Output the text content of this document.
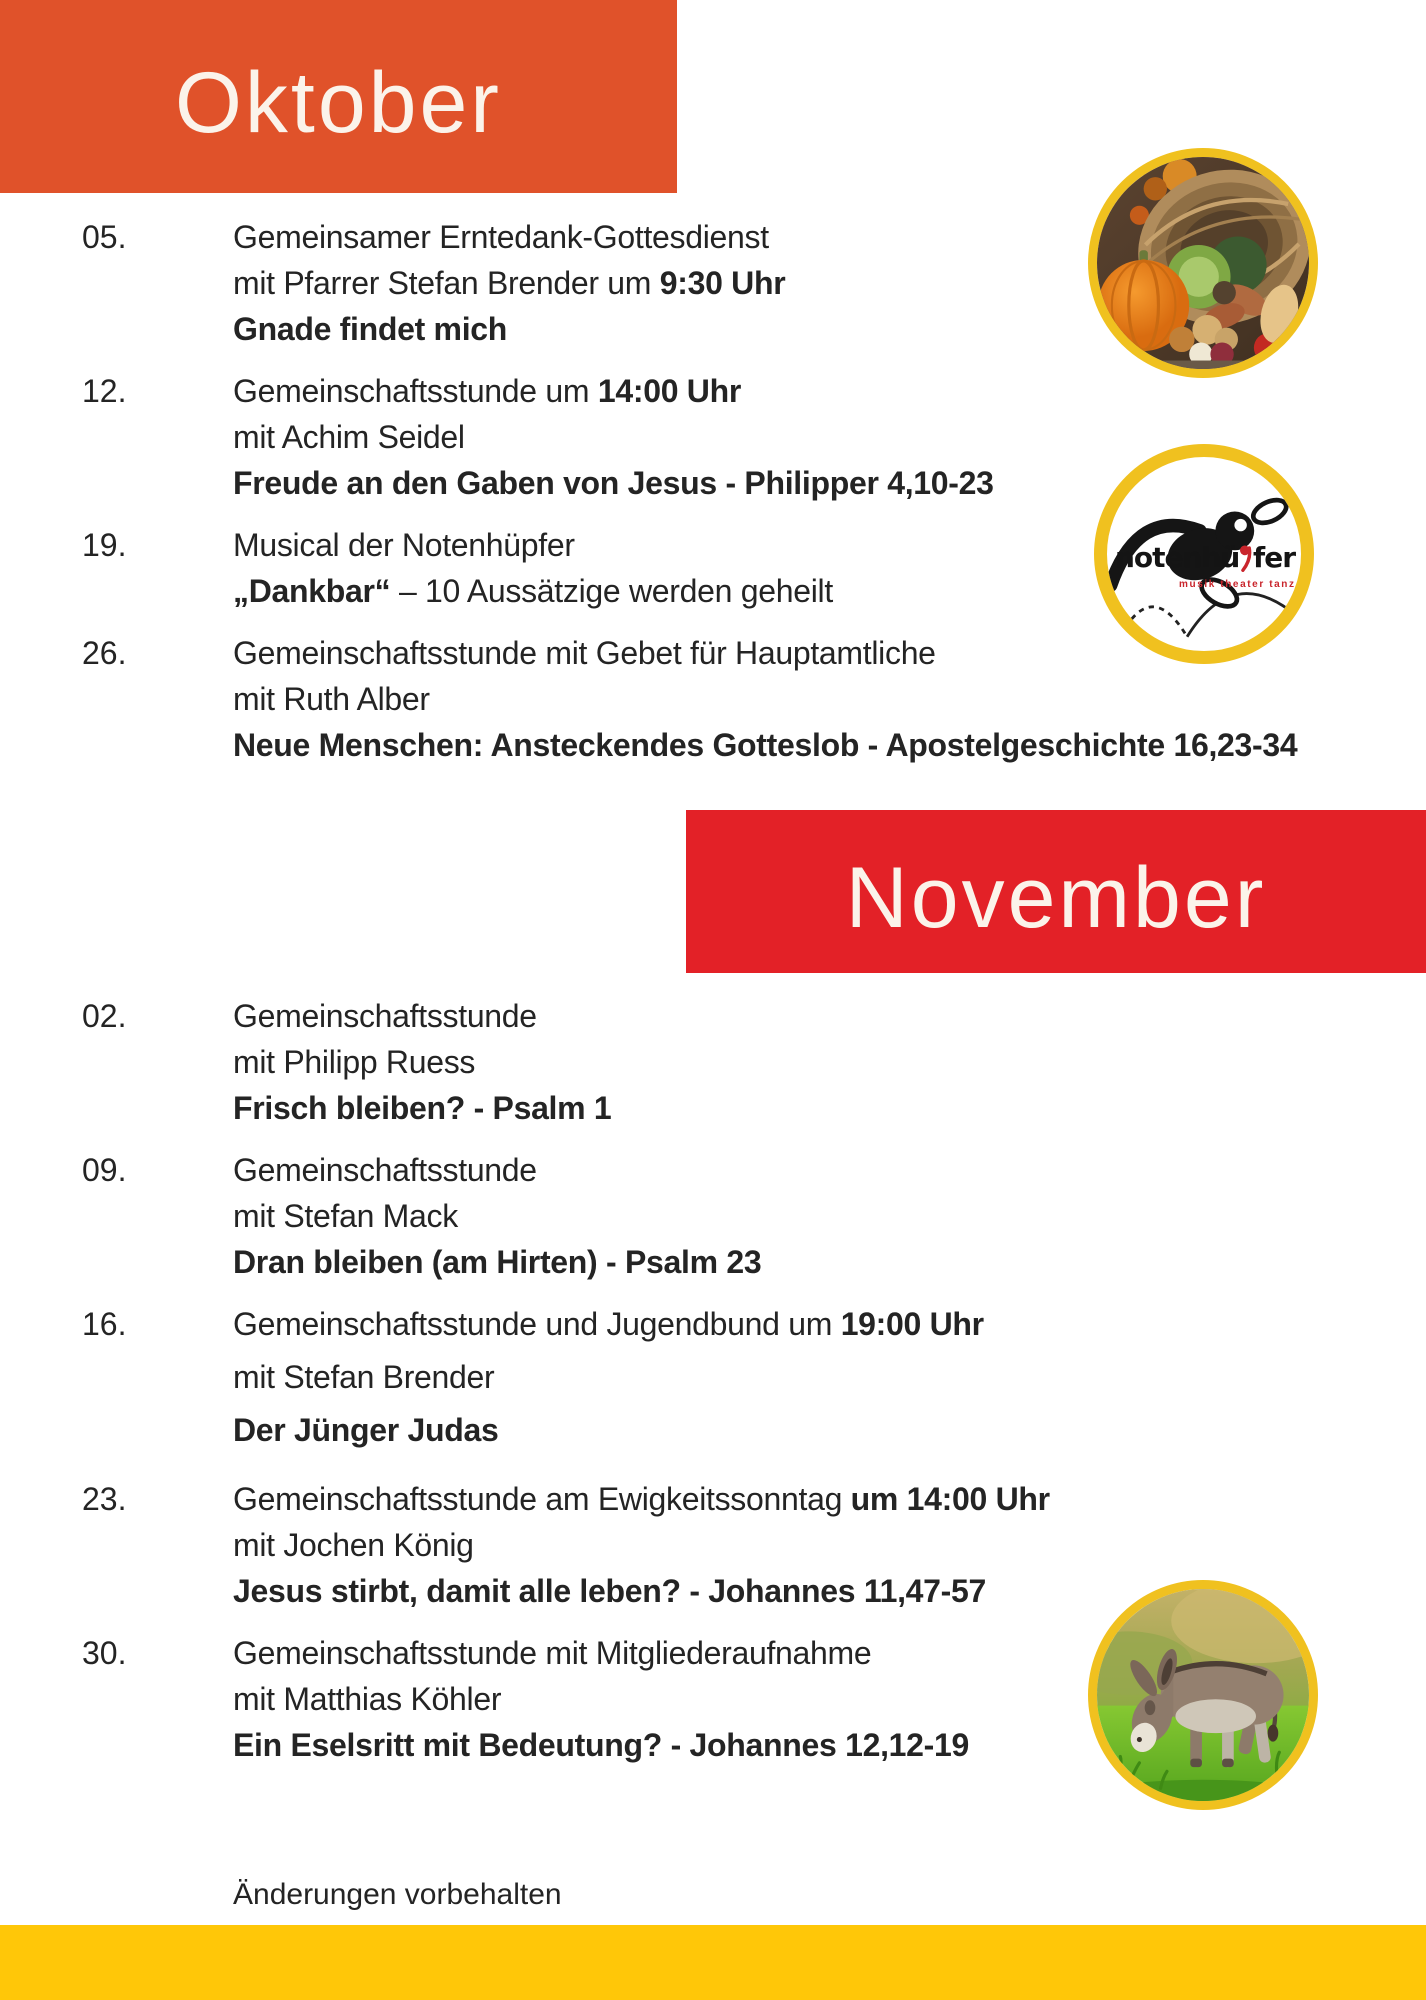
Oktober
05.	Gemeinsamer Erntedank-Gottesdienst
mit Pfarrer Stefan Brender um 9:30 Uhr
Gnade findet mich
12.	Gemeinschaftsstunde um 14:00 Uhr
mit Achim Seidel
Freude an den Gaben von Jesus - Philipper 4,10-23
19.	Musical der Notenhüpfer
„Dankbar“ – 10 Aussätzige werden geheilt
26.	Gemeinschaftsstunde mit Gebet für Hauptamtliche
mit Ruth Alber
Neue Menschen: Ansteckendes Gotteslob - Apostelgeschichte 16,23-34
November
02.	Gemeinschaftsstunde
mit Philipp Ruess
Frisch bleiben? - Psalm 1
09.	Gemeinschaftsstunde
mit Stefan Mack
Dran bleiben (am Hirten) - Psalm 23
16.	Gemeinschaftsstunde und Jugendbund um 19:00 Uhr
mit Stefan Brender
Der Jünger Judas
23.	Gemeinschaftsstunde am Ewigkeitssonntag um 14:00 Uhr
mit Jochen König
Jesus stirbt, damit alle leben? - Johannes 11,47-57
30.	Gemeinschaftsstunde mit Mitgliederaufnahme
mit Matthias Köhler
Ein Eselsritt mit Bedeutung? - Johannes 12,12-19
notenhü fer
musik theater tanz
Änderungen vorbehalten
